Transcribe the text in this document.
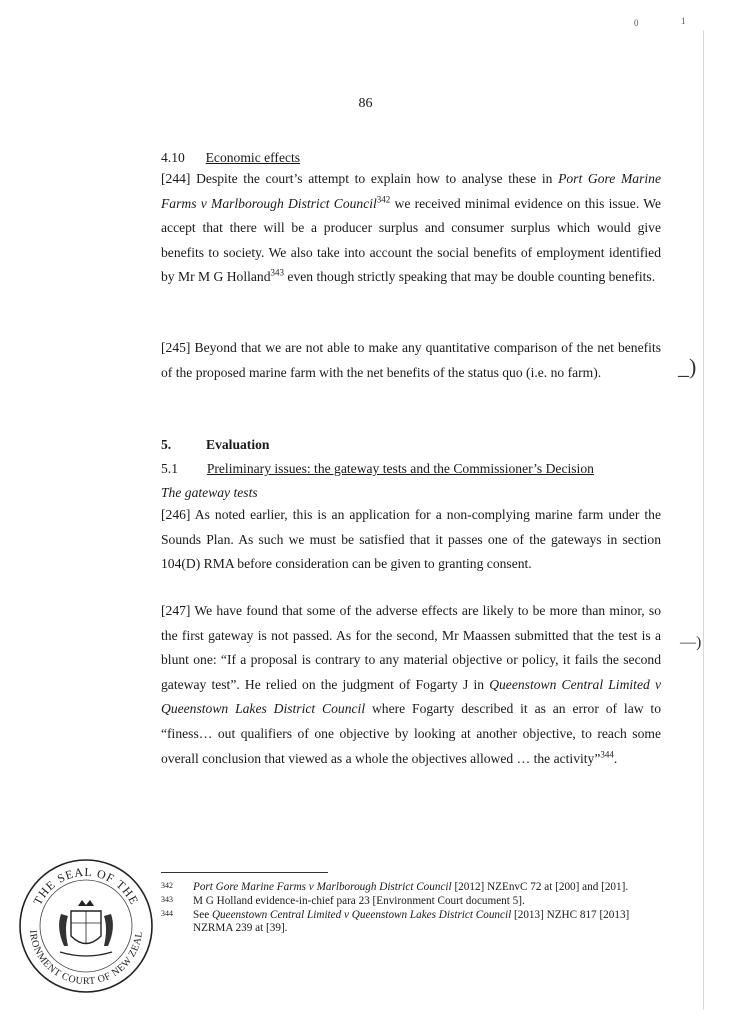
0	1
86
4.10 Economic effects
[244] Despite the court’s attempt to explain how to analyse these in Port Gore Marine Farms v Marlborough District Council$^{342}$ we received minimal evidence on this issue. We accept that there will be a producer surplus and consumer surplus which would give benefits to society. We also take into account the social benefits of employment identified by Mr M G Holland$^{343}$ even though strictly speaking that may be double counting benefits.
[245] Beyond that we are not able to make any quantitative comparison of the net benefits of the proposed marine farm with the net benefits of the status quo (i.e. no farm).	_)
5.	Evaluation
5.1 Preliminary issues: the gateway tests and the Commissioner’s Decision
The gateway tests
[246] As noted earlier, this is an application for a non-complying marine farm under the Sounds Plan. As such we must be satisfied that it passes one of the gateways in section 104(D) RMA before consideration can be given to granting consent.
[247] We have found that some of the adverse effects are likely to be more than minor, so the first gateway is not passed. As for the second, Mr Maassen submitted that the test is a blunt one: “If a proposal is contrary to any material objective or policy, it fails the second gateway test”. He relied on the judgment of Fogarty J in Queenstown Central Limited v Queenstown Lakes District Council where Fogarty described it as an error of law to “finess… out qualifiers of one objective by looking at another objective, to reach some overall conclusion that viewed as a whole the objectives allowed … the activity”$^{344}$.
—)
342 Port Gore Marine Farms v Marlborough District Council [2012] NZEnvC 72 at [200] and [201].
343 M G Holland evidence-in-chief para 23 [Environment Court document 5].
344 See Queenstown Central Limited v Queenstown Lakes District Council [2013] NZHC 817 [2013] NZRMA 239 at [39].
THE SEAL OF THE
IRONMENT COURT OF NEW ZEAL
